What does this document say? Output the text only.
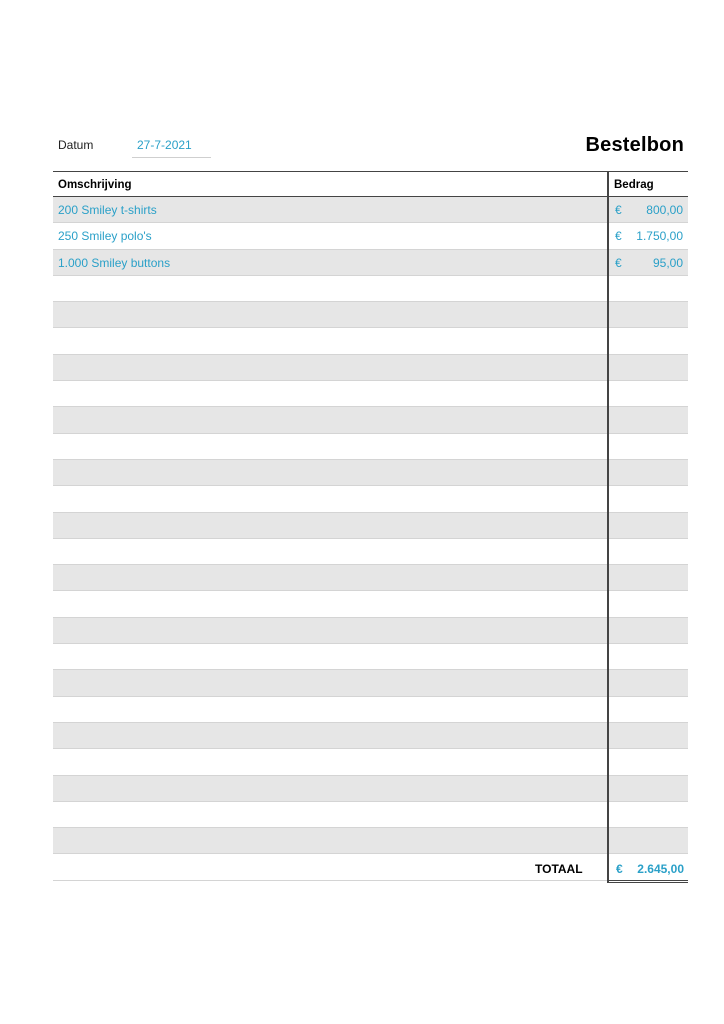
Datum	27-7-2021	Bestelbon
Omschrijving	Bedrag
200 Smiley t-shirts	€ 800,00
250 Smiley polo's	€ 1.750,00
1.000 Smiley buttons	€	95,00
TOTAAL	€ 2.645,00
